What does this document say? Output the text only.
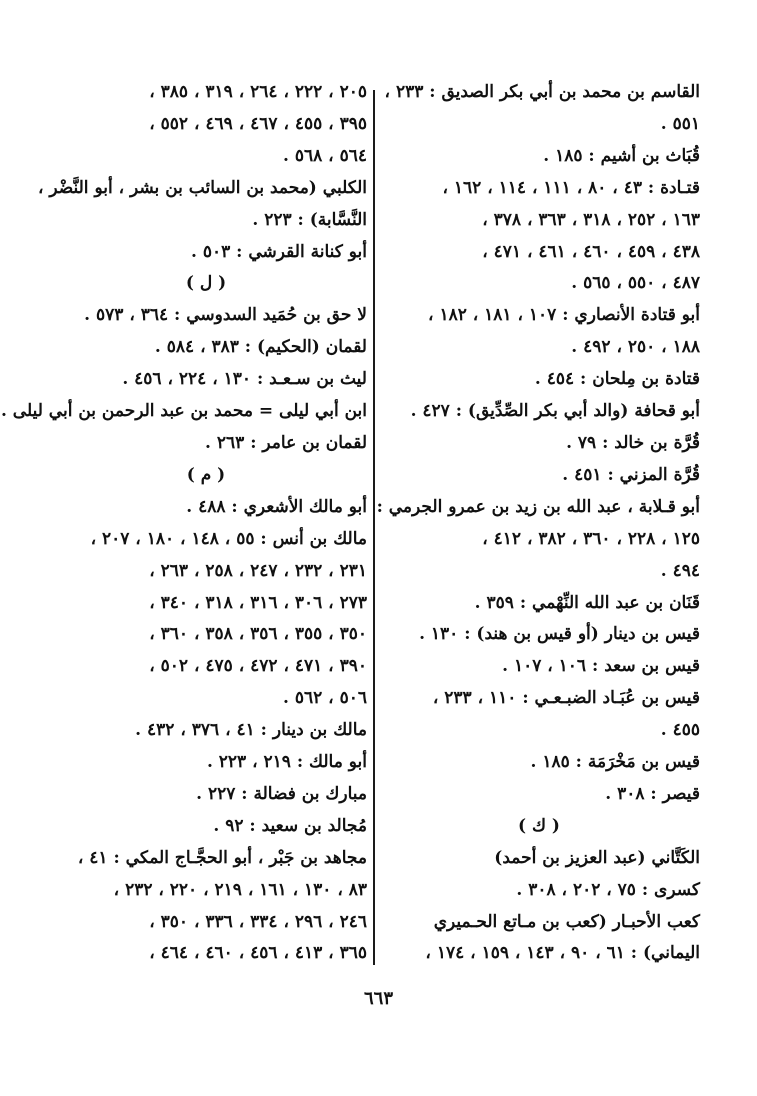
القاسم بن محمد بن أبي بكر الصديق : ٢٣٣ ،
٥٥١ .
قُبَاث بن أشيم : ١٨٥ .
قتـادة : ٤٣ ، ٨٠ ، ١١١ ، ١١٤ ، ١٦٢ ،
١٦٣ ، ٢٥٢ ، ٣١٨ ، ٣٦٣ ، ٣٧٨ ،
٤٣٨ ، ٤٥٩ ، ٤٦٠ ، ٤٦١ ، ٤٧١ ،
٤٨٧ ، ٥٥٠ ، ٥٦٥ .
أبو قتادة الأنصاري : ١٠٧ ، ١٨١ ، ١٨٢ ،
١٨٨ ، ٢٥٠ ، ٤٩٢ .
قتادة بن مِلحان : ٤٥٤ .
أبو قحافة (والد أبي بكر الصِّدِّيق) : ٤٢٧ .
قُرَّة بن خالد : ٧٩ .
قُرَّة المزني : ٤٥١ .
أبو قـلابة ، عبد الله بن زيد بن عمرو الجرمي :
١٢٥ ، ٢٢٨ ، ٣٦٠ ، ٣٨٢ ، ٤١٢ ،
٤٩٤ .
قَنَان بن عبد الله النِّهْمي : ٣٥٩ .
قيس بن دينار (أو قيس بن هند) : ١٣٠ .
قيس بن سعد : ١٠٦ ، ١٠٧ .
قيس بن عُبَـاد الضبـعـي : ١١٠ ، ٢٣٣ ،
٤٥٥ .
قيس بن مَخْرَمَة : ١٨٥ .
قيصر : ٣٠٨ .
( ك )
الكَتَّاني (عبد العزيز بن أحمد)
كسرى : ٧٥ ، ٢٠٢ ، ٣٠٨ .
كعب الأحبـار (كعب بن مـاتع الحـميري
اليماني) : ٦١ ، ٩٠ ، ١٤٣ ، ١٥٩ ، ١٧٤ ،
٢٠٥ ، ٢٢٢ ، ٢٦٤ ، ٣١٩ ، ٣٨٥ ،
٣٩٥ ، ٤٥٥ ، ٤٦٧ ، ٤٦٩ ، ٥٥٢ ،
٥٦٤ ، ٥٦٨ .
الكلبي (محمد بن السائب بن بشر ، أبو النَّضْر ،
النَّسَّابة) : ٢٢٣ .
أبو كنانة القرشي : ٥٠٣ .
( ل )
لا حق بن حُمَيد السدوسي : ٣٦٤ ، ٥٧٣ .
لقمان (الحكيم) : ٣٨٣ ، ٥٨٤ .
ليث بن سـعـد : ١٣٠ ، ٢٢٤ ، ٤٥٦ .
ابن أبي ليلى = محمد بن عبد الرحمن بن أبي ليلى .
لقمان بن عامر : ٢٦٣ .
( م )
أبو مالك الأشعري : ٤٨٨ .
مالك بن أنس : ٥٥ ، ١٤٨ ، ١٨٠ ، ٢٠٧ ،
٢٣١ ، ٢٣٢ ، ٢٤٧ ، ٢٥٨ ، ٢٦٣ ،
٢٧٣ ، ٣٠٦ ، ٣١٦ ، ٣١٨ ، ٣٤٠ ،
٣٥٠ ، ٣٥٥ ، ٣٥٦ ، ٣٥٨ ، ٣٦٠ ،
٣٩٠ ، ٤٧١ ، ٤٧٢ ، ٤٧٥ ، ٥٠٢ ،
٥٠٦ ، ٥٦٢ .
مالك بن دينار : ٤١ ، ٣٧٦ ، ٤٣٢ .
أبو مالك : ٢١٩ ، ٢٢٣ .
مبارك بن فضالة : ٢٢٧ .
مُجالد بن سعيد : ٩٢ .
مجاهد بن جَبْر ، أبو الحجَّـاج المكي : ٤١ ،
٨٣ ، ١٣٠ ، ١٦١ ، ٢١٩ ، ٢٢٠ ، ٢٣٢ ،
٢٤٦ ، ٢٩٦ ، ٣٣٤ ، ٣٣٦ ، ٣٥٠ ،
٣٦٥ ، ٤١٣ ، ٤٥٦ ، ٤٦٠ ، ٤٦٤ ،
٦٦٣
